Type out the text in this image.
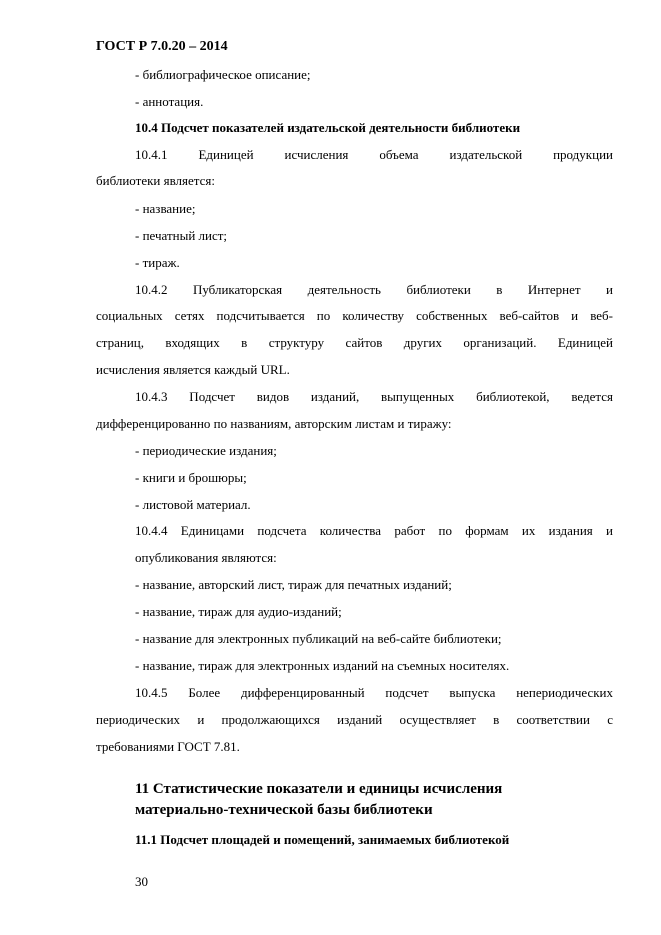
ГОСТ Р 7.0.20 – 2014
- библиографическое описание;
- аннотация.
10.4 Подсчет показателей издательской деятельности библиотеки
10.4.1 Единицей исчисления объема издательской продукции
библиотеки является:
- название;
- печатный лист;
- тираж.
10.4.2 Публикаторская деятельность библиотеки в Интернет и
социальных сетях подсчитывается по количеству собственных веб-сайтов и веб-
страниц, входящих в структуру сайтов других организаций. Единицей
исчисления является каждый URL.
10.4.3 Подсчет видов изданий, выпущенных библиотекой, ведется
дифференцированно по названиям, авторским листам и тиражу:
- периодические издания;
- книги и брошюры;
- листовой материал.
10.4.4 Единицами подсчета количества работ по формам их издания и
опубликования являются:
- название, авторский лист, тираж для печатных изданий;
- название, тираж для аудио-изданий;
- название для электронных публикаций на веб-сайте библиотеки;
- название, тираж для электронных изданий на съемных носителях.
10.4.5 Более дифференцированный подсчет выпуска непериодических
периодических и продолжающихся изданий осуществляет в соответствии с
требованиями ГОСТ 7.81.
11 Статистические показатели и единицы исчисления
материально-технической базы библиотеки
11.1 Подсчет площадей и помещений, занимаемых библиотекой
30
